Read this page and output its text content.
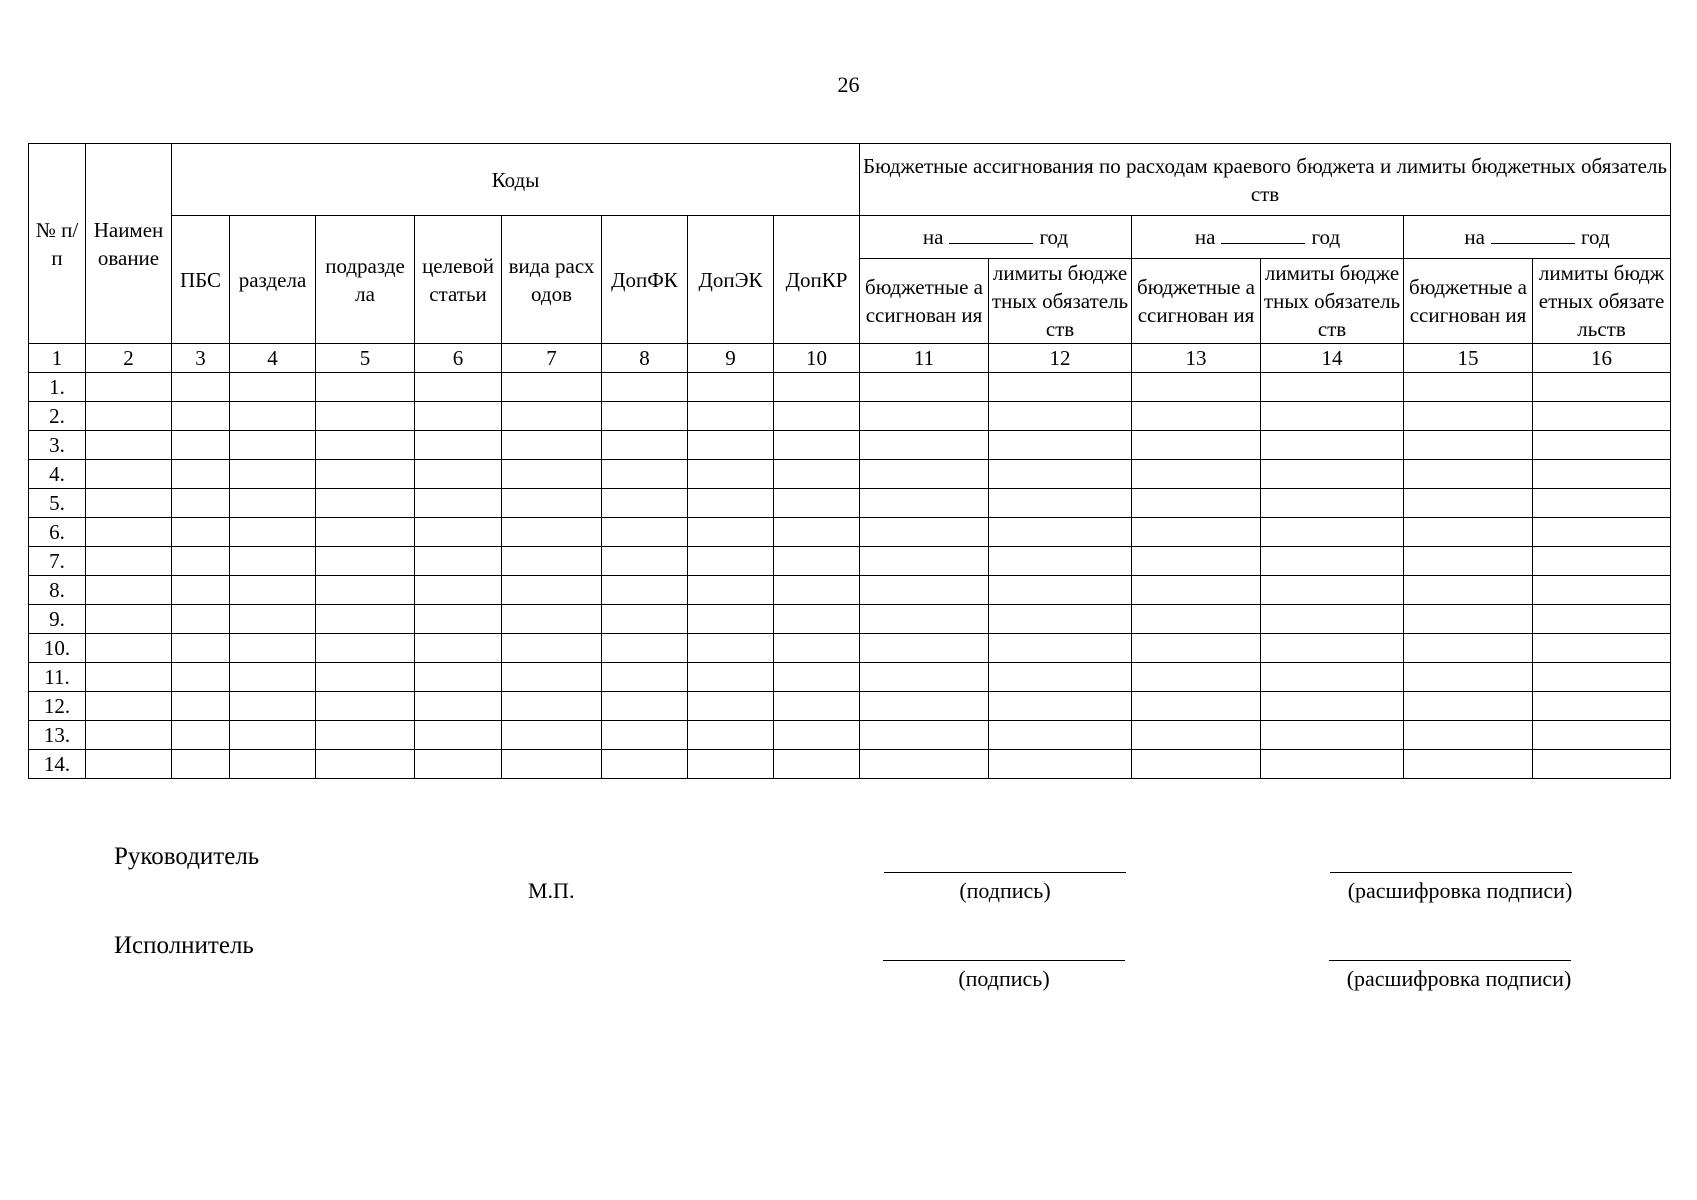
26
№ п/п	Наимен ование	Коды								Бюджетные ассигнования по расходам краевого бюджета и лимиты бюджетных обязательств					
		ПБС	раздела	подразде ла	целевой статьи	вида расходов	ДопФК	ДопЭК	ДопКР	на год		на год		на год	
										бюджетные ассигнован ия	лимиты бюджетных обязательств	бюджетные ассигнован ия	лимиты бюджетных обязательств	бюджетные ассигнован ия	лимиты бюджетных обязательств
1	2	3	4	5	6	7	8	9	10	11	12	13	14	15	16
1.															
2.															
3.															
4.															
5.															
6.															
7.															
8.															
9.															
10.															
11.															
12.															
13.															
14.															
Руководитель
М.П.	(подпись)	(расшифровка подписи)
Исполнитель
(подпись)	(расшифровка подписи)
